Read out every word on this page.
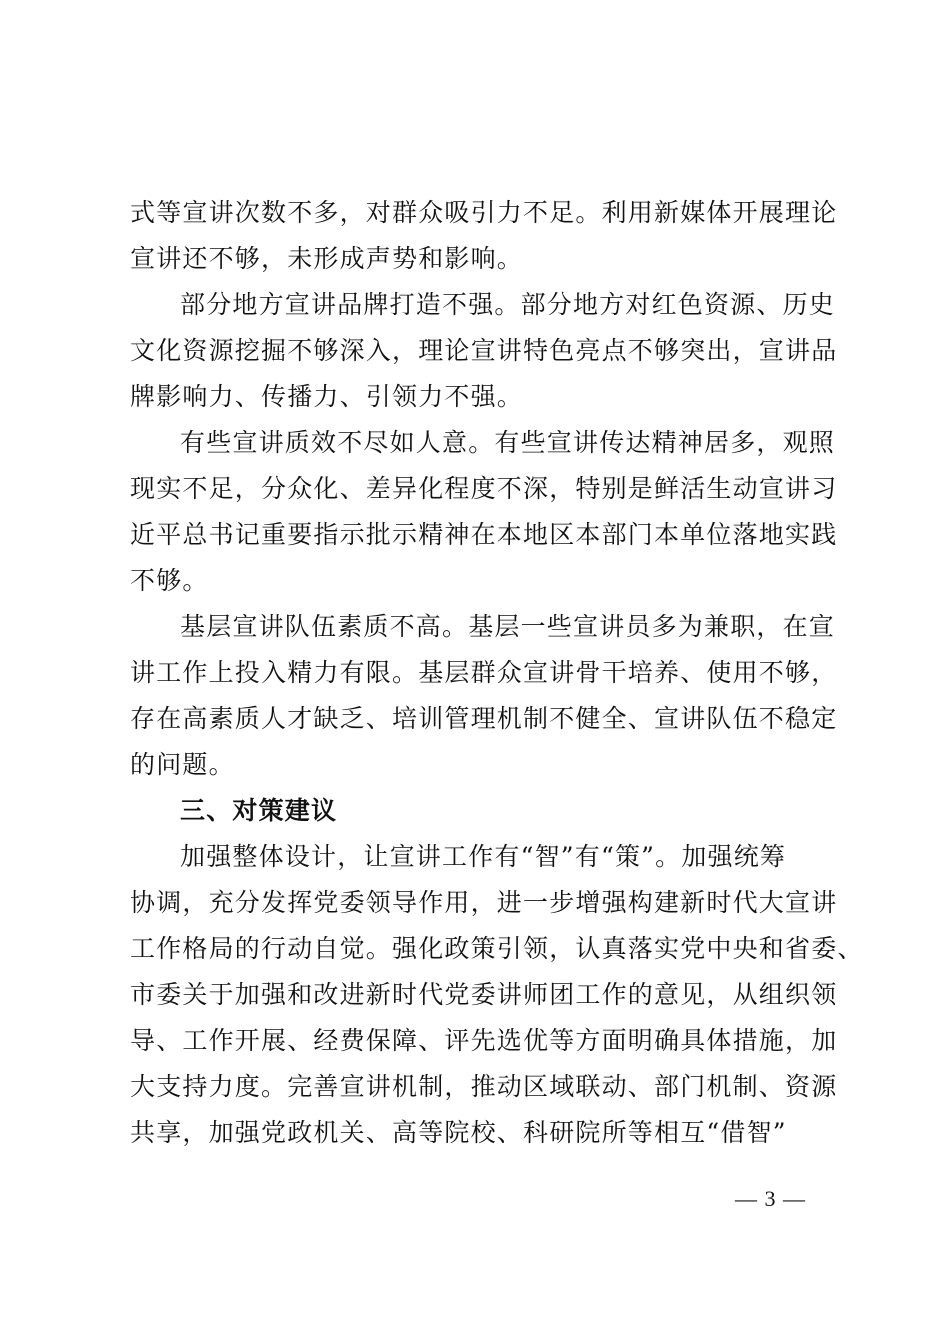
式等宣讲次数不多，对群众吸引力不足。利用新媒体开展理论
宣讲还不够，未形成声势和影响。

部分地方宣讲品牌打造不强。部分地方对红色资源、历史
文化资源挖掘不够深入，理论宣讲特色亮点不够突出，宣讲品
牌影响力、传播力、引领力不强。

有些宣讲质效不尽如人意。有些宣讲传达精神居多，观照
现实不足，分众化、差异化程度不深，特别是鲜活生动宣讲习
近平总书记重要指示批示精神在本地区本部门本单位落地实践
不够。

基层宣讲队伍素质不高。基层一些宣讲员多为兼职，在宣
讲工作上投入精力有限。基层群众宣讲骨干培养、使用不够，
存在高素质人才缺乏、培训管理机制不健全、宣讲队伍不稳定
的问题。

三、对策建议

加强整体设计，让宣讲工作有“智”有“策”。加强统筹
协调，充分发挥党委领导作用，进一步增强构建新时代大宣讲
工作格局的行动自觉。强化政策引领，认真落实党中央和省委、
市委关于加强和改进新时代党委讲师团工作的意见，从组织领
导、工作开展、经费保障、评先选优等方面明确具体措施，加
大支持力度。完善宣讲机制，推动区域联动、部门机制、资源
共享，加强党政机关、高等院校、科研院所等相互“借智”

— 3 —
